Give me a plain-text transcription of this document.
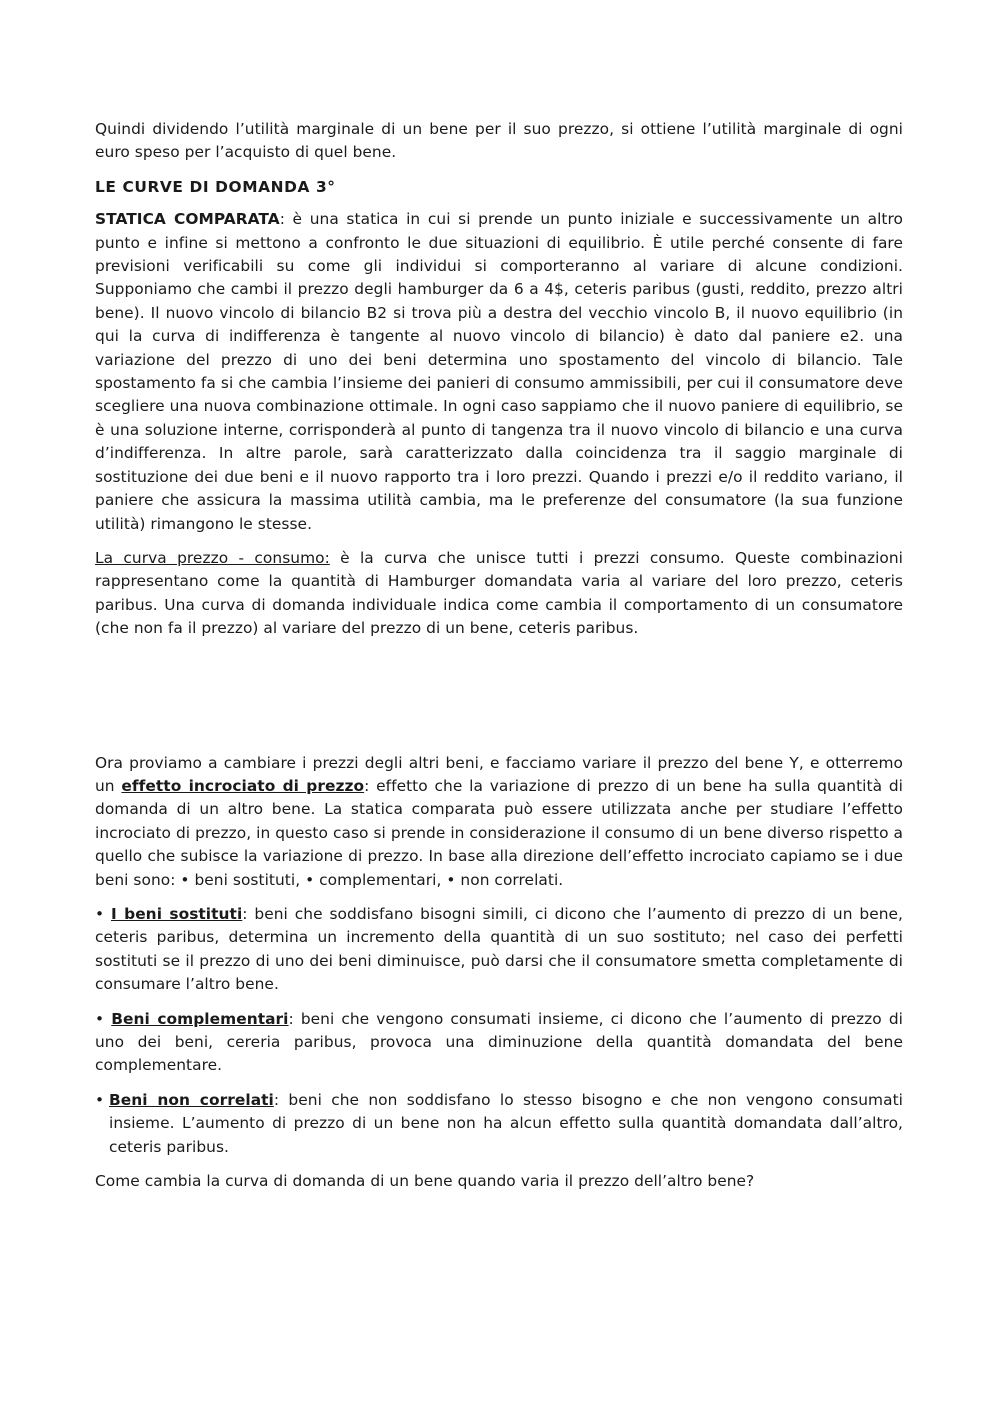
Quindi dividendo l’utilità marginale di un bene per il suo prezzo, si ottiene l’utilità marginale di ogni euro speso per l’acquisto di quel bene.

LE CURVE DI DOMANDA 3°

STATICA COMPARATA: è una statica in cui si prende un punto iniziale e successivamente un altro punto e infine si mettono a confronto le due situazioni di equilibrio. È utile perché consente di fare previsioni verificabili su come gli individui si comporteranno al variare di alcune condizioni. Supponiamo che cambi il prezzo degli hamburger da 6 a 4$, ceteris paribus (gusti, reddito, prezzo altri bene). Il nuovo vincolo di bilancio B2 si trova più a destra del vecchio vincolo B, il nuovo equilibrio (in qui la curva di indifferenza è tangente al nuovo vincolo di bilancio) è dato dal paniere e2. una variazione del prezzo di uno dei beni determina uno spostamento del vincolo di bilancio. Tale spostamento fa si che cambia l’insieme dei panieri di consumo ammissibili, per cui il consumatore deve scegliere una nuova combinazione ottimale. In ogni caso sappiamo che il nuovo paniere di equilibrio, se è una soluzione interne, corrisponderà al punto di tangenza tra il nuovo vincolo di bilancio e una curva d’indifferenza. In altre parole, sarà caratterizzato dalla coincidenza tra il saggio marginale di sostituzione dei due beni e il nuovo rapporto tra i loro prezzi. Quando i prezzi e/o il reddito variano, il paniere che assicura la massima utilità cambia, ma le preferenze del consumatore (la sua funzione utilità) rimangono le stesse.

La curva prezzo - consumo: è la curva che unisce tutti i prezzi consumo. Queste combinazioni rappresentano come la quantità di Hamburger domandata varia al variare del loro prezzo, ceteris paribus. Una curva di domanda individuale indica come cambia il comportamento di un consumatore (che non fa il prezzo) al variare del prezzo di un bene, ceteris paribus.

Ora proviamo a cambiare i prezzi degli altri beni, e facciamo variare il prezzo del bene Y, e otterremo un effetto incrociato di prezzo: effetto che la variazione di prezzo di un bene ha sulla quantità di domanda di un altro bene. La statica comparata può essere utilizzata anche per studiare l’effetto incrociato di prezzo, in questo caso si prende in considerazione il consumo di un bene diverso rispetto a quello che subisce la variazione di prezzo. In base alla direzione dell’effetto incrociato capiamo se i due beni sono: • beni sostituti, • complementari, • non correlati.

• I beni sostituti: beni che soddisfano bisogni simili, ci dicono che l’aumento di prezzo di un bene, ceteris paribus, determina un incremento della quantità di un suo sostituto; nel caso dei perfetti sostituti se il prezzo di uno dei beni diminuisce, può darsi che il consumatore smetta completamente di consumare l’altro bene.

• Beni complementari: beni che vengono consumati insieme, ci dicono che l’aumento di prezzo di uno dei beni, cereria paribus, provoca una diminuzione della quantità domandata del bene complementare.

• Beni non correlati: beni che non soddisfano lo stesso bisogno e che non vengono consumati insieme. L’aumento di prezzo di un bene non ha alcun effetto sulla quantità domandata dall’altro, ceteris paribus.

Come cambia la curva di domanda di un bene quando varia il prezzo dell’altro bene?
